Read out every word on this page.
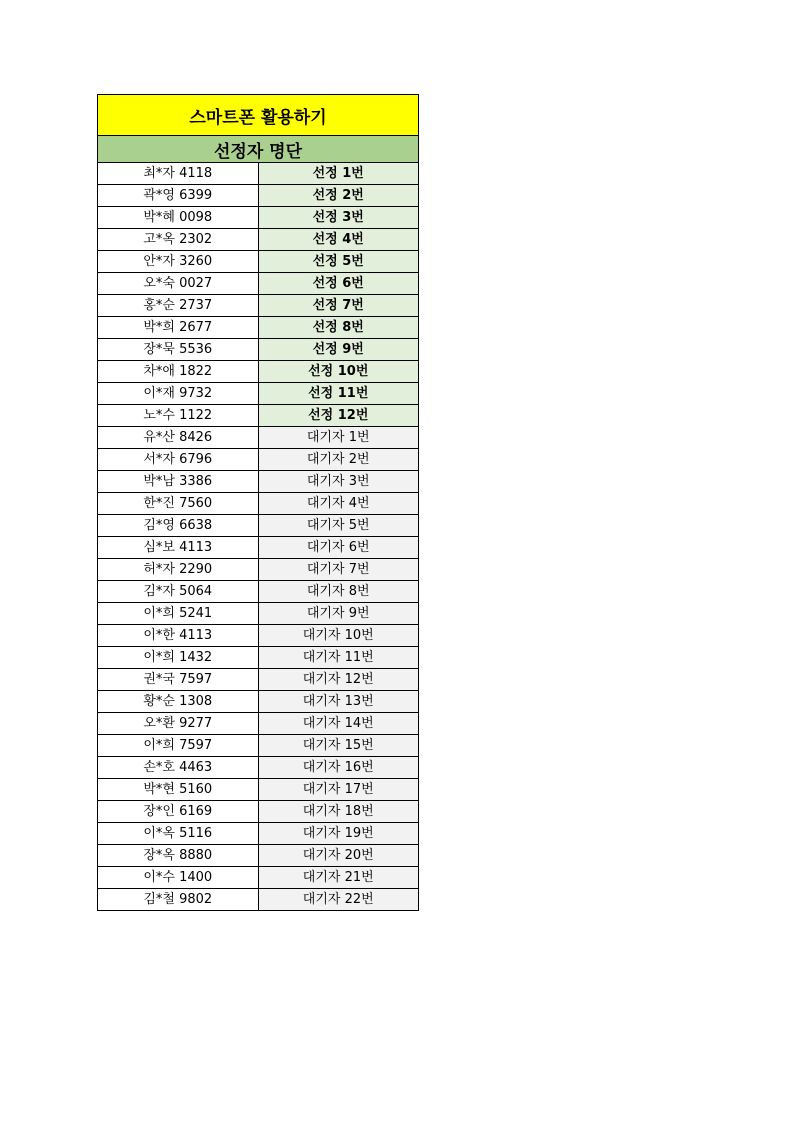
스마트폰 활용하기	
선정자 명단	
최*자 4118	선정 1번
곽*영 6399	선정 2번
박*혜 0098	선정 3번
고*옥 2302	선정 4번
안*자 3260	선정 5번
오*숙 0027	선정 6번
홍*순 2737	선정 7번
박*희 2677	선정 8번
장*묵 5536	선정 9번
차*애 1822	선정 10번
이*재 9732	선정 11번
노*수 1122	선정 12번
유*산 8426	대기자 1번
서*자 6796	대기자 2번
박*남 3386	대기자 3번
한*진 7560	대기자 4번
김*영 6638	대기자 5번
심*보 4113	대기자 6번
허*자 2290	대기자 7번
김*자 5064	대기자 8번
이*희 5241	대기자 9번
이*한 4113	대기자 10번
이*희 1432	대기자 11번
권*국 7597	대기자 12번
황*순 1308	대기자 13번
오*환 9277	대기자 14번
이*희 7597	대기자 15번
손*호 4463	대기자 16번
박*현 5160	대기자 17번
장*인 6169	대기자 18번
이*옥 5116	대기자 19번
장*옥 8880	대기자 20번
이*수 1400	대기자 21번
김*철 9802	대기자 22번
